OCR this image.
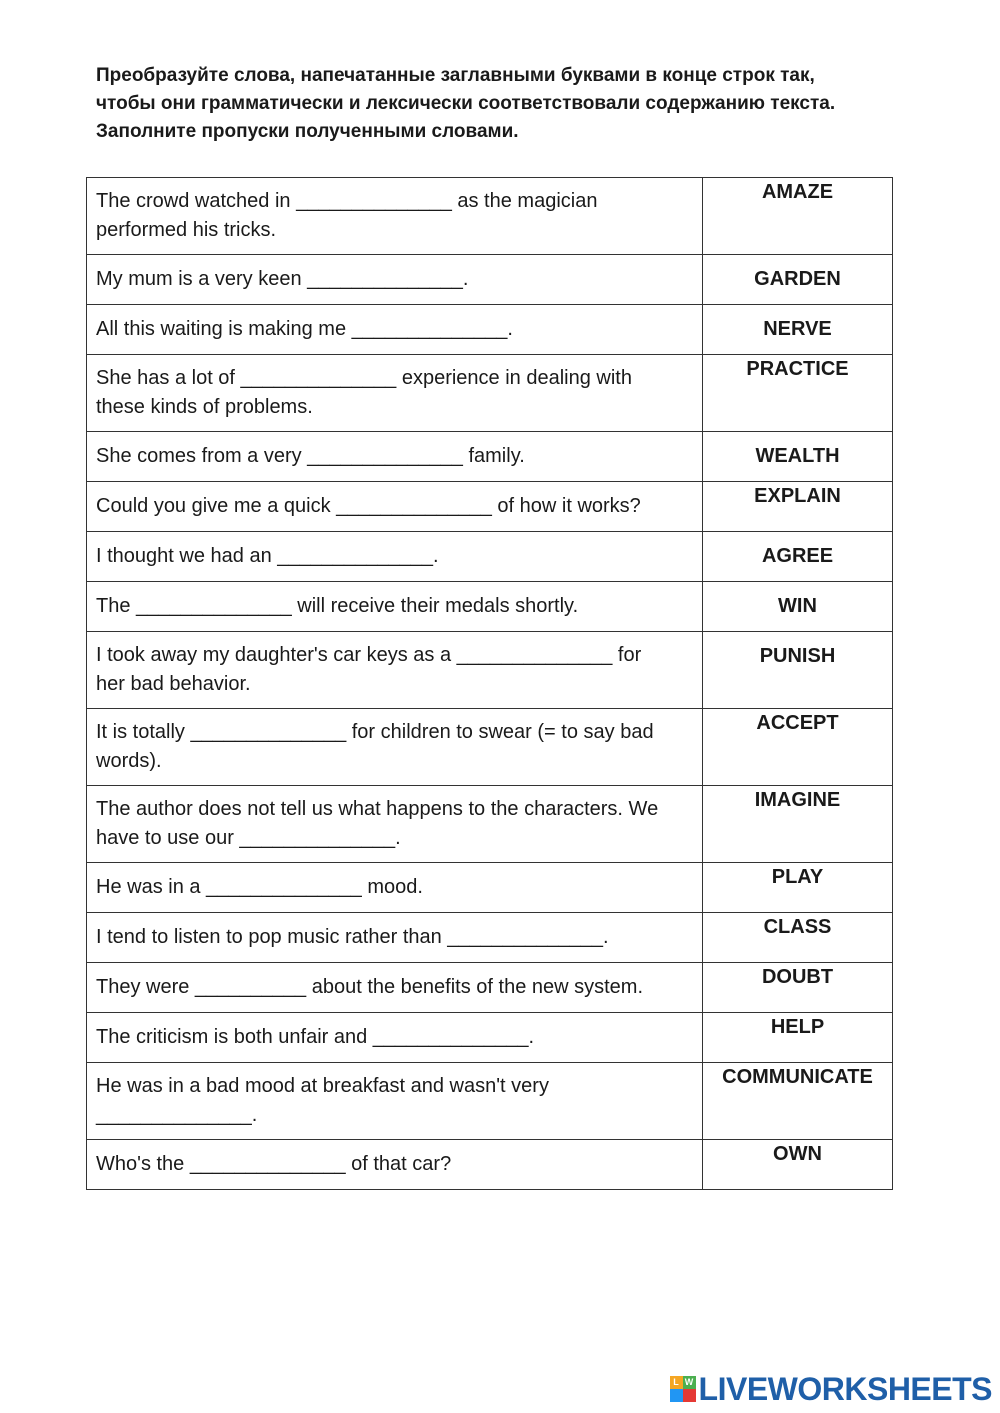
Преобразуйте слова, напечатанные заглавными буквами в конце строк так,
чтобы они грамматически и лексически соответствовали содержанию текста.
Заполните пропуски полученными словами.
The crowd watched in ______________ as the magician performed his tricks.	AMAZE
My mum is a very keen ______________.	GARDEN
All this waiting is making me ______________.	NERVE
She has a lot of ______________ experience in dealing with these kinds of problems.	PRACTICE
She comes from a very ______________ family.	WEALTH
Could you give me a quick ______________ of how it works?	EXPLAIN
I thought we had an ______________.	AGREE
The ______________ will receive their medals shortly.	WIN
I took away my daughter's car keys as a ______________ for her bad behavior.	PUNISH
It is totally ______________ for children to swear (= to say bad words).	ACCEPT
The author does not tell us what happens to the characters. We have to use our ______________.	IMAGINE
He was in a ______________ mood.	PLAY
I tend to listen to pop music rather than ______________.	CLASS
They were __________ about the benefits of the new system.	DOUBT
The criticism is both unfair and ______________.	HELP
He was in a bad mood at breakfast and wasn't very ______________.	COMMUNICATE
Who's the ______________ of that car?	OWN
L W LIVEWORKSHEETS
